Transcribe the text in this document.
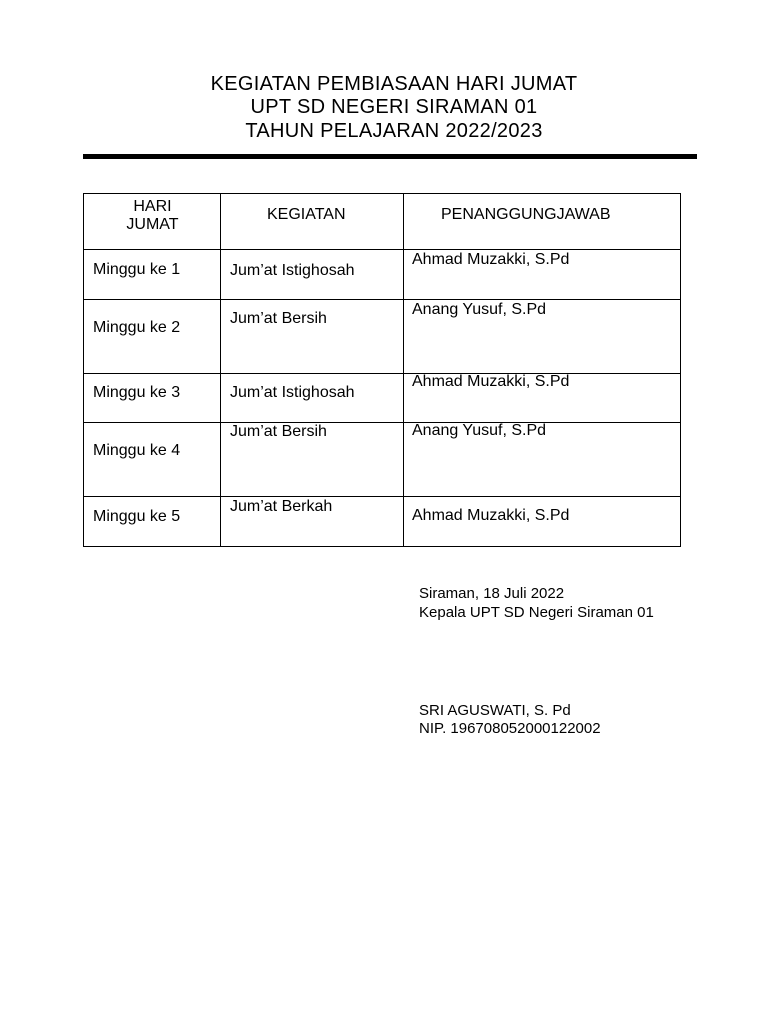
KEGIATAN PEMBIASAAN HARI JUMAT
UPT SD NEGERI SIRAMAN 01
TAHUN PELAJARAN 2022/2023
HARI
JUMAT	KEGIATAN	PENANGGUNGJAWAB

Minggu ke 1	Jum’at Istighosah	Ahmad Muzakki, S.Pd

Minggu ke 2	Jum’at Bersih	Anang Yusuf, S.Pd

Minggu ke 3	Jum’at Istighosah	Ahmad Muzakki, S.Pd

Minggu ke 4	Jum’at Bersih	Anang Yusuf, S.Pd

Minggu ke 5	Jum’at Berkah	Ahmad Muzakki, S.Pd
Siraman, 18 Juli 2022
Kepala UPT SD Negeri Siraman 01
SRI AGUSWATI, S. Pd
NIP. 196708052000122002
